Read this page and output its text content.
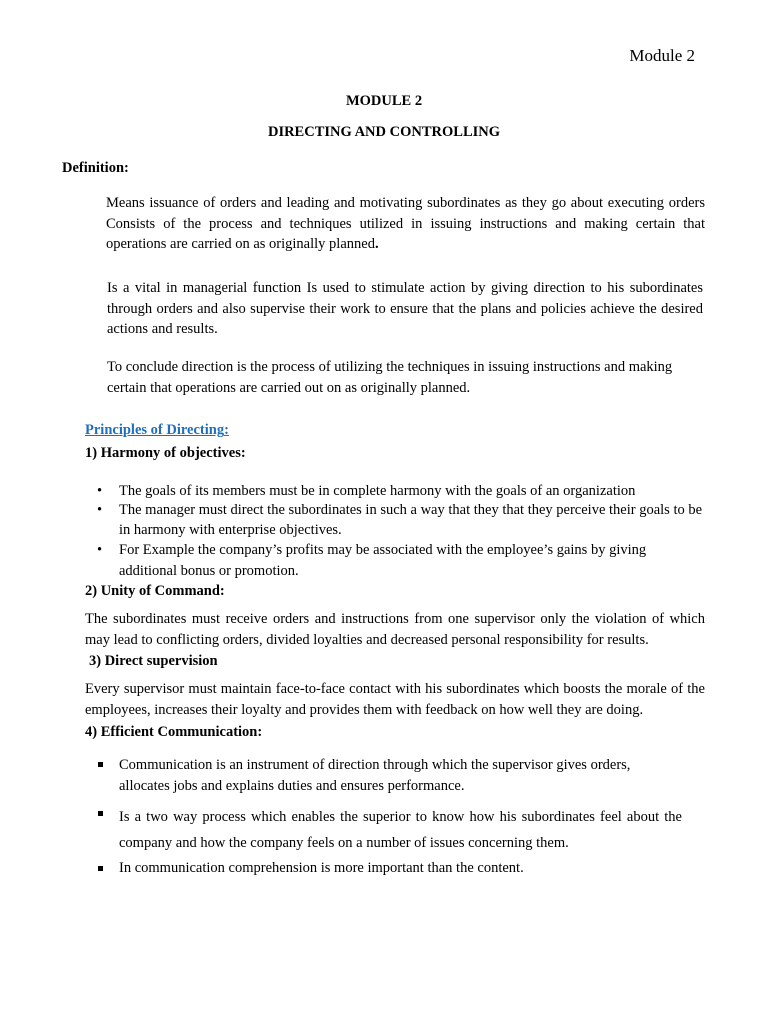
Module 2
MODULE 2
DIRECTING AND CONTROLLING
Definition:
Means issuance of orders and leading and motivating subordinates as they go about executing orders Consists of the process and techniques utilized in issuing instructions and making certain that operations are carried on as originally planned.
Is a vital in managerial function Is used to stimulate action by giving direction to his subordinates through orders and also supervise their work to ensure that the plans and policies achieve the desired actions and results.
To conclude direction is the process of utilizing the techniques in issuing instructions and making certain that operations are carried out on as originally planned.
Principles of Directing:
1) Harmony of objectives:
• The goals of its members must be in complete harmony with the goals of an organization
• The manager must direct the subordinates in such a way that they that they perceive their goals to be in harmony with enterprise objectives.
• For Example the company’s profits may be associated with the employee’s gains by giving additional bonus or promotion.
2) Unity of Command:
The subordinates must receive orders and instructions from one supervisor only the violation of which may lead to conflicting orders, divided loyalties and decreased personal responsibility for results.
3) Direct supervision
Every supervisor must maintain face-to-face contact with his subordinates which boosts the morale of the employees, increases their loyalty and provides them with feedback on how well they are doing.
4) Efficient Communication:
Communication is an instrument of direction through which the supervisor gives orders, allocates jobs and explains duties and ensures performance.
Is a two way process which enables the superior to know how his subordinates feel about the company and how the company feels on a number of issues concerning them.
In communication comprehension is more important than the content.
